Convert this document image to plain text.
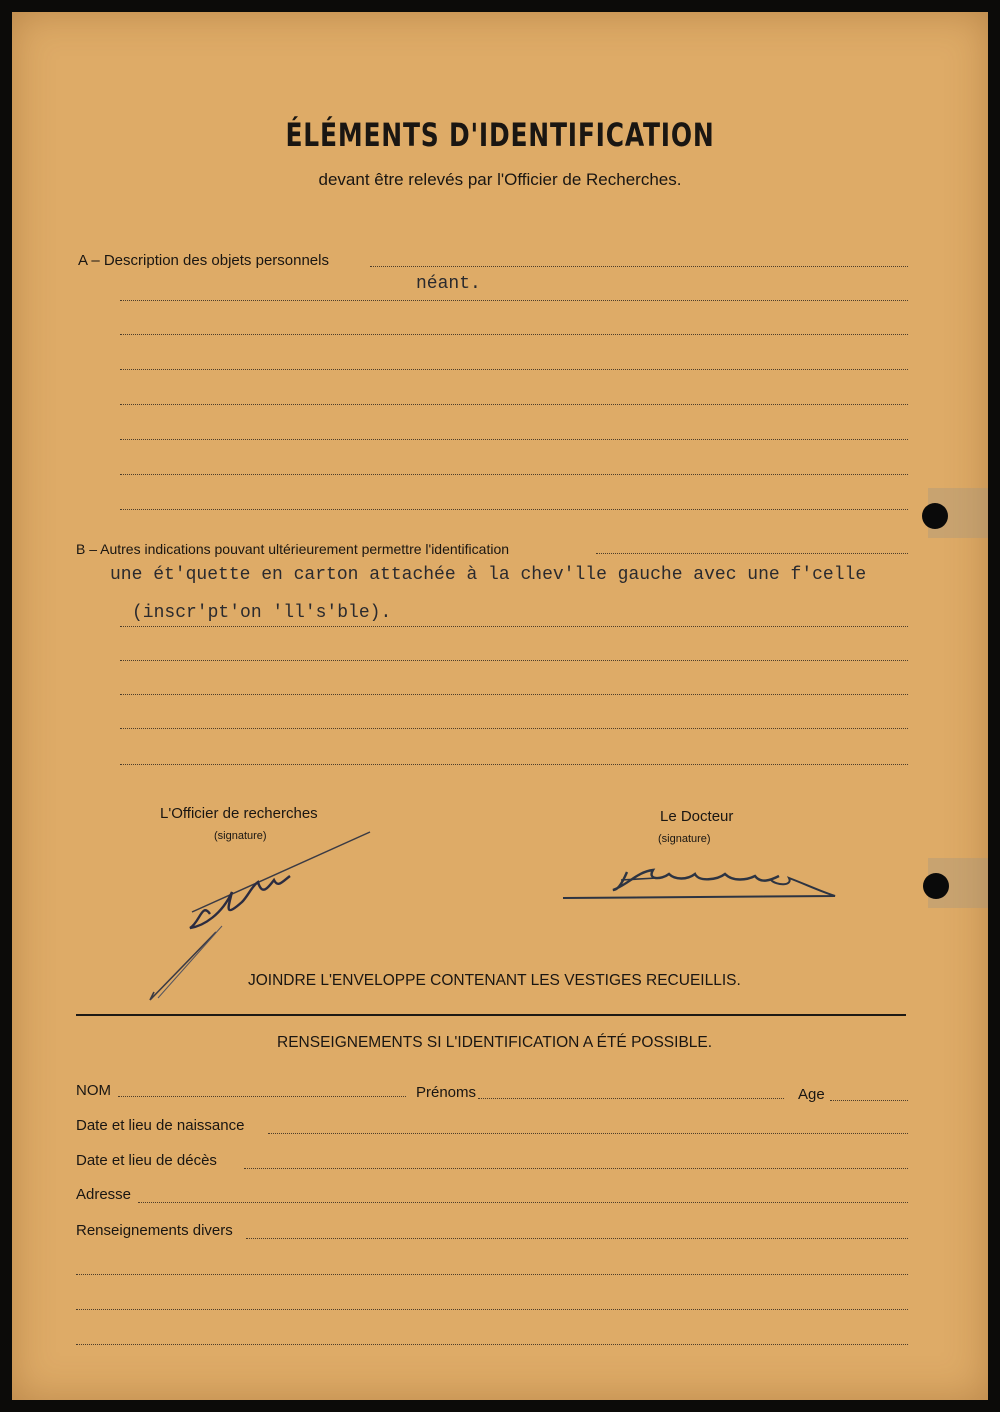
ÉLÉMENTS D'IDENTIFICATION
devant être relevés par l'Officier de Recherches.
A – Description des objets personnels
néant.
B – Autres indications pouvant ultérieurement permettre l'identification
une ét'quette en carton attachée à la chev'lle gauche avec une f'celle
(inscr'pt'on 'll's'ble).
L'Officier de recherches
(signature)
Le Docteur
(signature)
JOINDRE L'ENVELOPPE CONTENANT LES VESTIGES RECUEILLIS.
RENSEIGNEMENTS SI L'IDENTIFICATION A ÉTÉ POSSIBLE.
NOM	Prénoms	Age
Date et lieu de naissance
Date et lieu de décès
Adresse
Renseignements divers
